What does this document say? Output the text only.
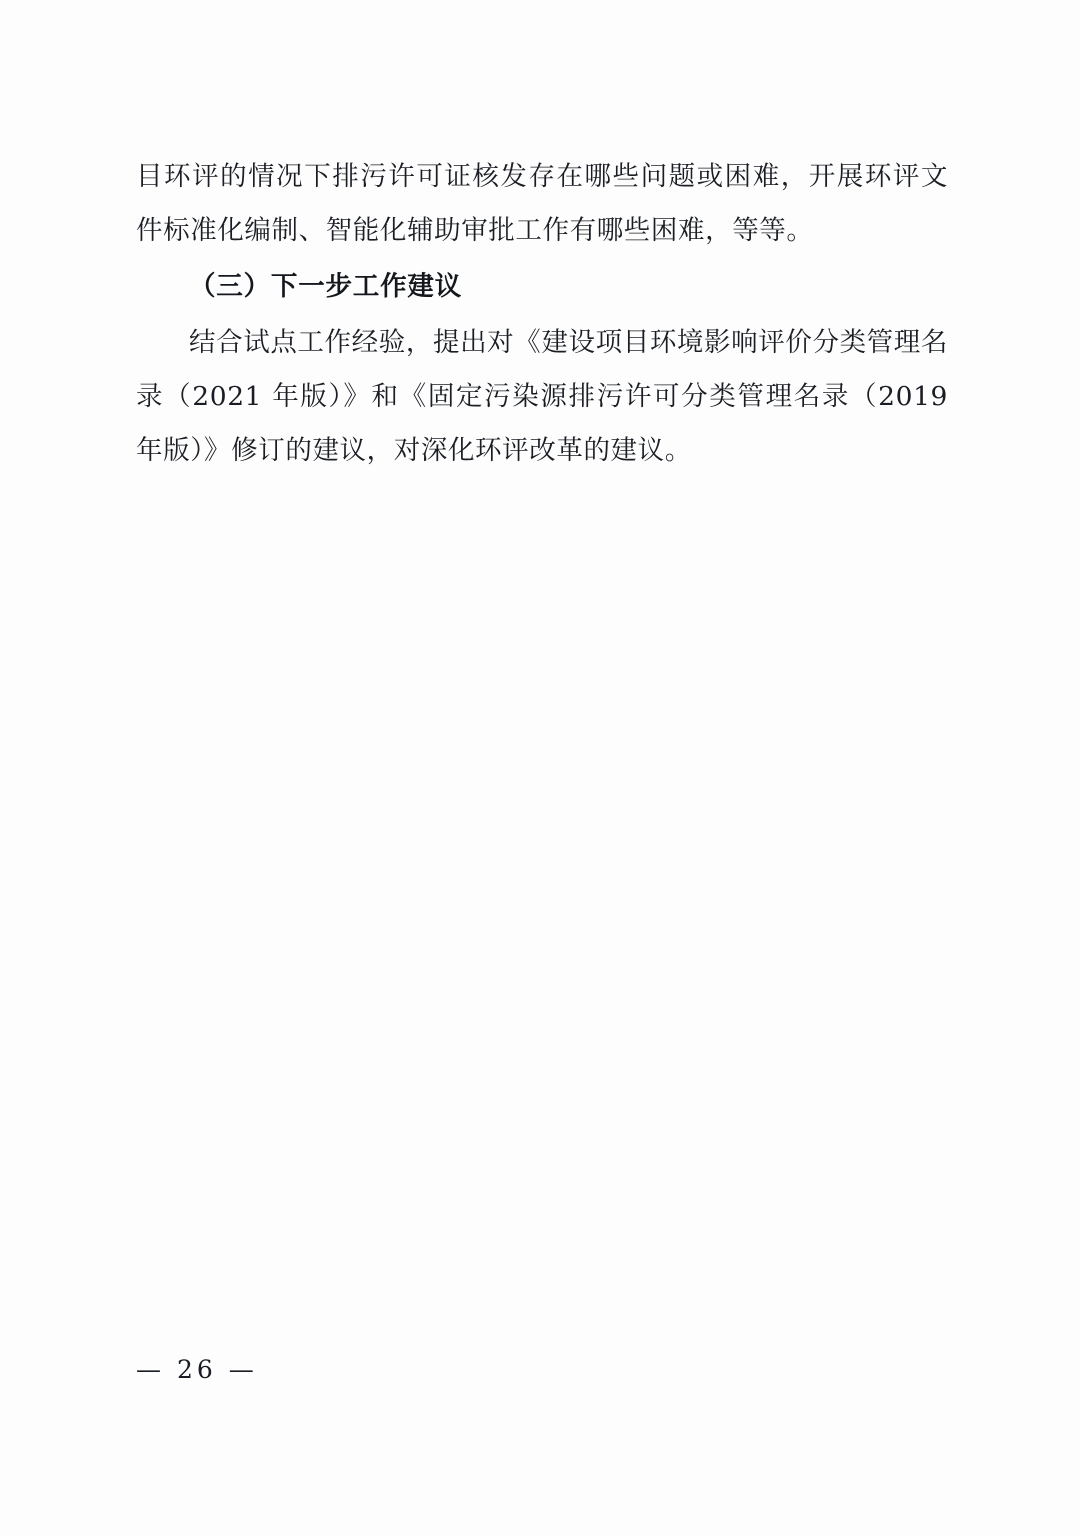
目环评的情况下排污许可证核发存在哪些问题或困难，开展环评文件标准化编制、智能化辅助审批工作有哪些困难，等等。

（三）下一步工作建议

结合试点工作经验，提出对《建设项目环境影响评价分类管理名录（2021 年版）》和《固定污染源排污许可分类管理名录（2019 年版）》修订的建议，对深化环评改革的建议。

— 26 —
